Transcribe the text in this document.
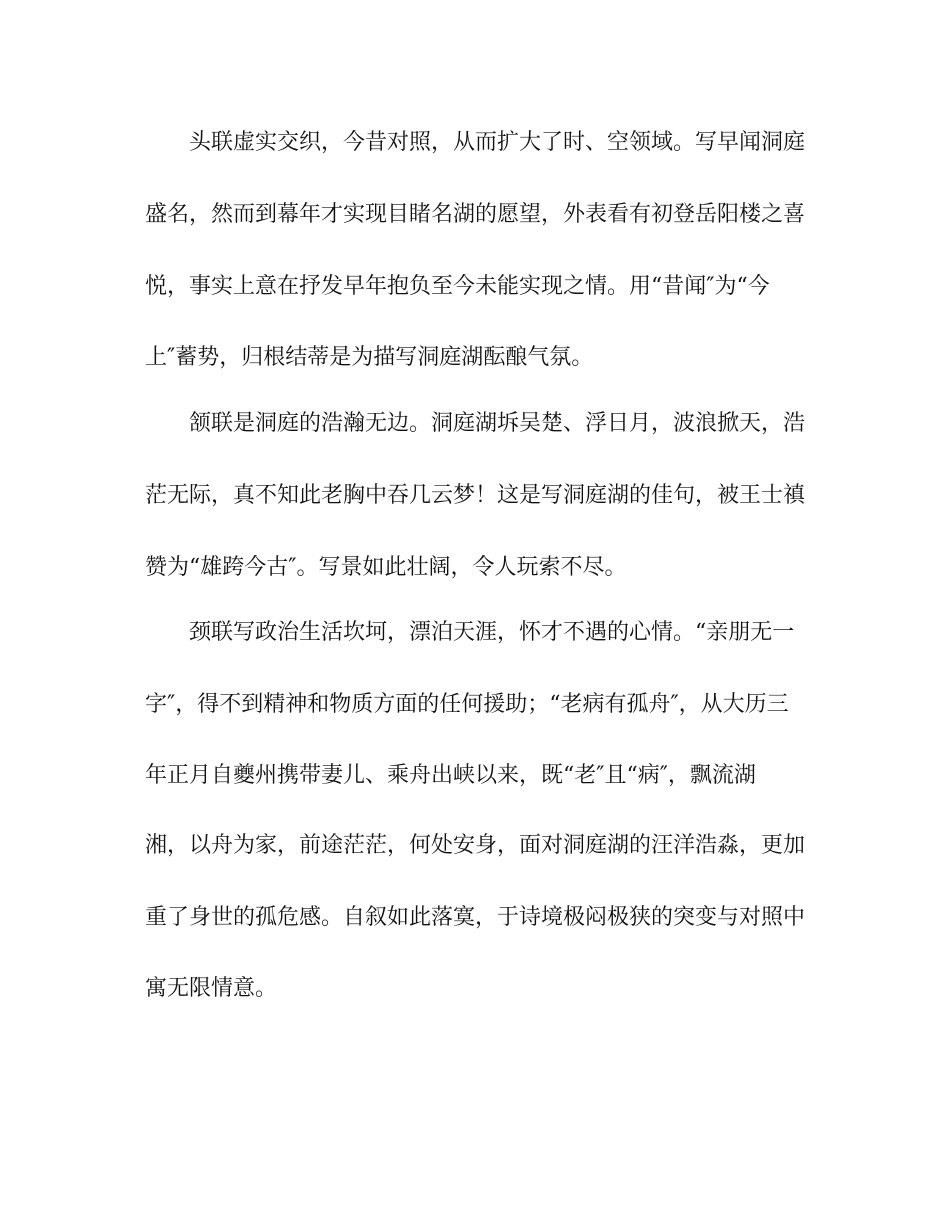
　　头联虚实交织，今昔对照，从而扩大了时、空领域。写早闻洞庭

盛名，然而到幕年才实现目睹名湖的愿望，外表看有初登岳阳楼之喜

悦，事实上意在抒发早年抱负至今未能实现之情。用“昔闻″为“今

上″蓄势，归根结蒂是为描写洞庭湖酝酿气氛。

　　颔联是洞庭的浩瀚无边。洞庭湖坼吴楚、浮日月，波浪掀天，浩

茫无际，真不知此老胸中吞几云梦！这是写洞庭湖的佳句，被王士禛

赞为“雄跨今古″。写景如此壮阔，令人玩索不尽。

　　颈联写政治生活坎坷，漂泊天涯，怀才不遇的心情。“亲朋无一

字″，得不到精神和物质方面的任何援助；“老病有孤舟″，从大历三

年正月自夔州携带妻儿、乘舟出峡以来，既“老″且“病″，飘流湖

湘，以舟为家，前途茫茫，何处安身，面对洞庭湖的汪洋浩淼，更加

重了身世的孤危感。自叙如此落寞，于诗境极闷极狭的突变与对照中

寓无限情意。
